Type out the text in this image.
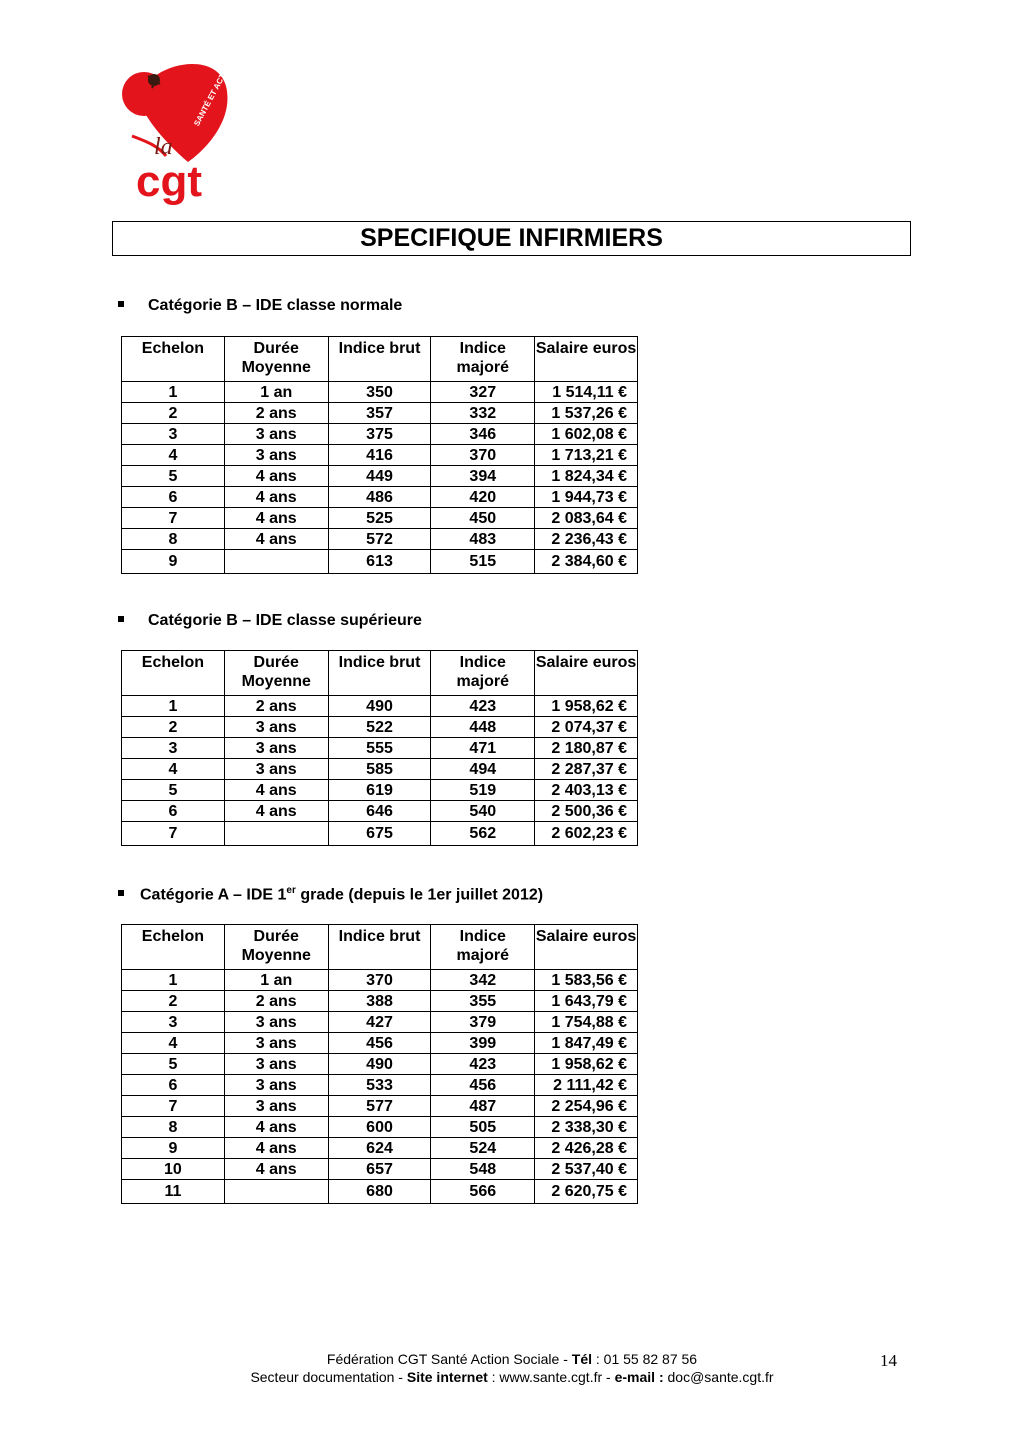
SANTÉ ET ACTION SOCIALE
la
cgt
SPECIFIQUE INFIRMIERS
Catégorie B – IDE classe normale
Echelon	Durée Moyenne	Indice brut	Indice majoré	Salaire euros
1	1 an	350	327	1 514,11 €
2	2 ans	357	332	1 537,26 €
3	3 ans	375	346	1 602,08 €
4	3 ans	416	370	1 713,21 €
5	4 ans	449	394	1 824,34 €
6	4 ans	486	420	1 944,73 €
7	4 ans	525	450	2 083,64 €
8	4 ans	572	483	2 236,43 €
9		613	515	2 384,60 €
Catégorie B – IDE classe supérieure
Echelon	Durée Moyenne	Indice brut	Indice majoré	Salaire euros
1	2 ans	490	423	1 958,62 €
2	3 ans	522	448	2 074,37 €
3	3 ans	555	471	2 180,87 €
4	3 ans	585	494	2 287,37 €
5	4 ans	619	519	2 403,13 €
6	4 ans	646	540	2 500,36 €
7		675	562	2 602,23 €
Catégorie A – IDE 1er grade (depuis le 1er juillet 2012)
Echelon	Durée Moyenne	Indice brut	Indice majoré	Salaire euros
1	1 an	370	342	1 583,56 €
2	2 ans	388	355	1 643,79 €
3	3 ans	427	379	1 754,88 €
4	3 ans	456	399	1 847,49 €
5	3 ans	490	423	1 958,62 €
6	3 ans	533	456	2 111,42 €
7	3 ans	577	487	2 254,96 €
8	4 ans	600	505	2 338,30 €
9	4 ans	624	524	2 426,28 €
10	4 ans	657	548	2 537,40 €
11		680	566	2 620,75 €
Fédération CGT Santé Action Sociale - Tél : 01 55 82 87 56
Secteur documentation - Site internet : www.sante.cgt.fr - e-mail : doc@sante.cgt.fr
14
